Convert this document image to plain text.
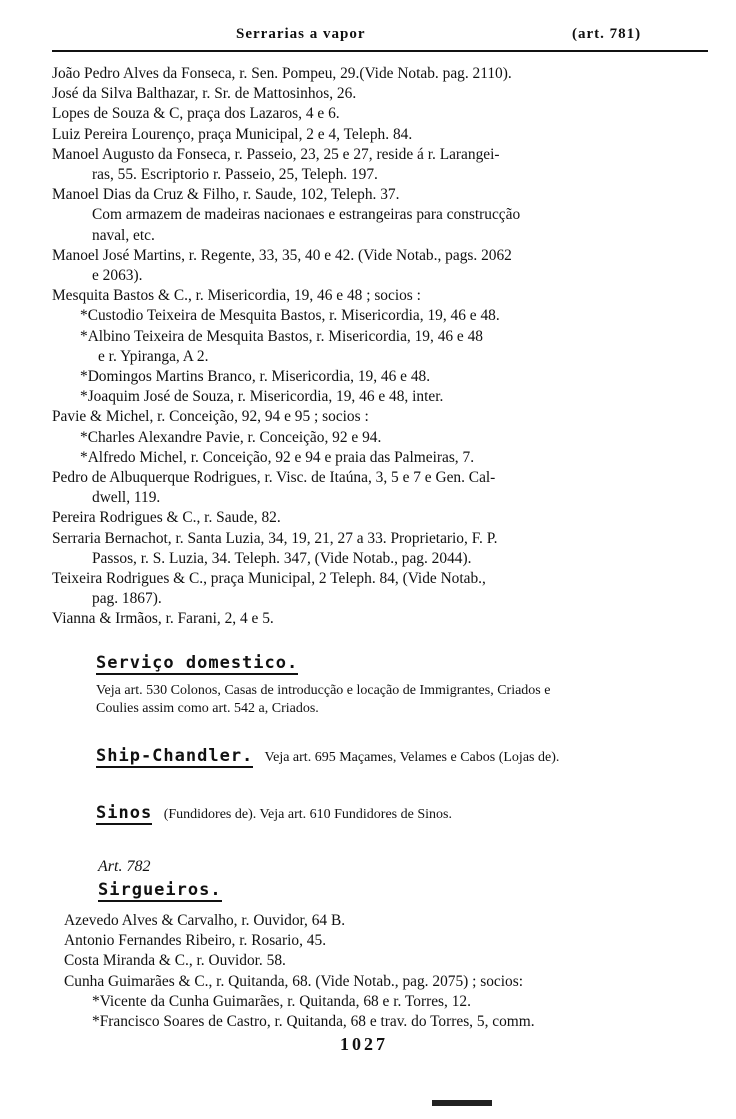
Serrarias a vapor	(art. 781)
João Pedro Alves da Fonseca, r. Sen. Pompeu, 29.(Vide Notab. pag. 2110).
José da Silva Balthazar, r. Sr. de Mattosinhos, 26.
Lopes de Souza & C, praça dos Lazaros, 4 e 6.
Luiz Pereira Lourenço, praça Municipal, 2 e 4, Teleph. 84.
Manoel Augusto da Fonseca, r. Passeio, 23, 25 e 27, reside á r. Larangei-
ras, 55. Escriptorio r. Passeio, 25, Teleph. 197.
Manoel Dias da Cruz & Filho, r. Saude, 102, Teleph. 37.
Com armazem de madeiras nacionaes e estrangeiras para construcção
naval, etc.
Manoel José Martins, r. Regente, 33, 35, 40 e 42. (Vide Notab., pags. 2062
e 2063).
Mesquita Bastos & C., r. Misericordia, 19, 46 e 48 ; socios :
*Custodio Teixeira de Mesquita Bastos, r. Misericordia, 19, 46 e 48.
*Albino Teixeira de Mesquita Bastos, r. Misericordia, 19, 46 e 48
e r. Ypiranga, A 2.
*Domingos Martins Branco, r. Misericordia, 19, 46 e 48.
*Joaquim José de Souza, r. Misericordia, 19, 46 e 48, inter.
Pavie & Michel, r. Conceição, 92, 94 e 95 ; socios :
*Charles Alexandre Pavie, r. Conceição, 92 e 94.
*Alfredo Michel, r. Conceição, 92 e 94 e praia das Palmeiras, 7.
Pedro de Albuquerque Rodrigues, r. Visc. de Itaúna, 3, 5 e 7 e Gen. Cal-
dwell, 119.
Pereira Rodrigues & C., r. Saude, 82.
Serraria Bernachot, r. Santa Luzia, 34, 19, 21, 27 a 33. Proprietario, F. P.
Passos, r. S. Luzia, 34. Teleph. 347, (Vide Notab., pag. 2044).
Teixeira Rodrigues & C., praça Municipal, 2 Teleph. 84, (Vide Notab.,
pag. 1867).
Vianna & Irmãos, r. Farani, 2, 4 e 5.
Serviço domestico.
Veja art. 530 Colonos, Casas de introducção e locação de Immigrantes, Criados e
Coulies assim como art. 542 a, Criados.
Ship-Chandler. Veja art. 695 Maçames, Velames e Cabos (Lojas de).
Sinos (Fundidores de). Veja art. 610 Fundidores de Sinos.
Art. 782
Sirgueiros.
Azevedo Alves & Carvalho, r. Ouvidor, 64 B.
Antonio Fernandes Ribeiro, r. Rosario, 45.
Costa Miranda & C., r. Ouvidor. 58.
Cunha Guimarães & C., r. Quitanda, 68. (Vide Notab., pag. 2075) ; socios:
*Vicente da Cunha Guimarães, r. Quitanda, 68 e r. Torres, 12.
*Francisco Soares de Castro, r. Quitanda, 68 e trav. do Torres, 5, comm.
1027
